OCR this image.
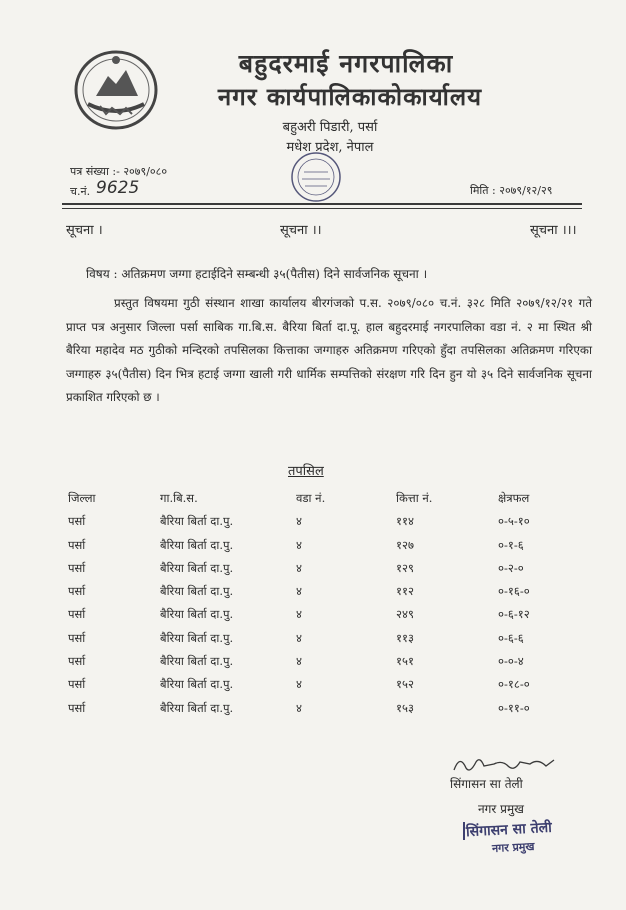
बहुदरमाई नगरपालिका
नगर कार्यपालिकाकोकार्यालय
बहुअरी पिडारी, पर्सा
मधेश प्रदेश, नेपाल
पत्र संख्या :- २०७९/०८०
च.नं. 9625	मिति : २०७९/१२/२९
सूचना ।	सूचना ।।	सूचना ।।।
विषय : अतिक्रमण जग्गा हटाईदिने सम्बन्धी ३५(पैतीस) दिने सार्वजनिक सूचना ।
प्रस्तुत विषयमा गुठी संस्थान शाखा कार्यालय बीरगंजको प.स. २०७९/०८० च.नं. ३२८ मिति २०७९/१२/२१ गते प्राप्त पत्र अनुसार जिल्ला पर्सा साबिक गा.बि.स. बैरिया बिर्ता दा.पू. हाल बहुदरमाई नगरपालिका वडा नं. २ मा स्थित श्री बैरिया महादेव मठ गुठीको मन्दिरको तपसिलका कित्ताका जग्गाहरु अतिक्रमण गरिएको हुँदा तपसिलका अतिक्रमण गरिएका जग्गाहरु ३५(पैतीस) दिन भित्र हटाई जग्गा खाली गरी धार्मिक सम्पत्तिको संरक्षण गरि दिन हुन यो ३५ दिने सार्वजनिक सूचना प्रकाशित गरिएको छ ।
तपसिल
जिल्ला	गा.बि.स.	वडा नं.	कित्ता नं.	क्षेत्रफल
पर्सा	बैरिया बिर्ता दा.पु.	४	११४	०-५-१०
पर्सा	बैरिया बिर्ता दा.पु.	४	१२७	०-१-६
पर्सा	बैरिया बिर्ता दा.पु.	४	१२९	०-२-०
पर्सा	बैरिया बिर्ता दा.पु.	४	११२	०-१६-०
पर्सा	बैरिया बिर्ता दा.पु.	४	२४९	०-६-१२
पर्सा	बैरिया बिर्ता दा.पु.	४	११३	०-६-६
पर्सा	बैरिया बिर्ता दा.पु.	४	१५१	०-०-४
पर्सा	बैरिया बिर्ता दा.पु.	४	१५२	०-१८-०
पर्सा	बैरिया बिर्ता दा.पु.	४	१५३	०-११-०
सिंगासन सा तेली
नगर प्रमुख
सिंगासन सा तेली
नगर प्रमुख
